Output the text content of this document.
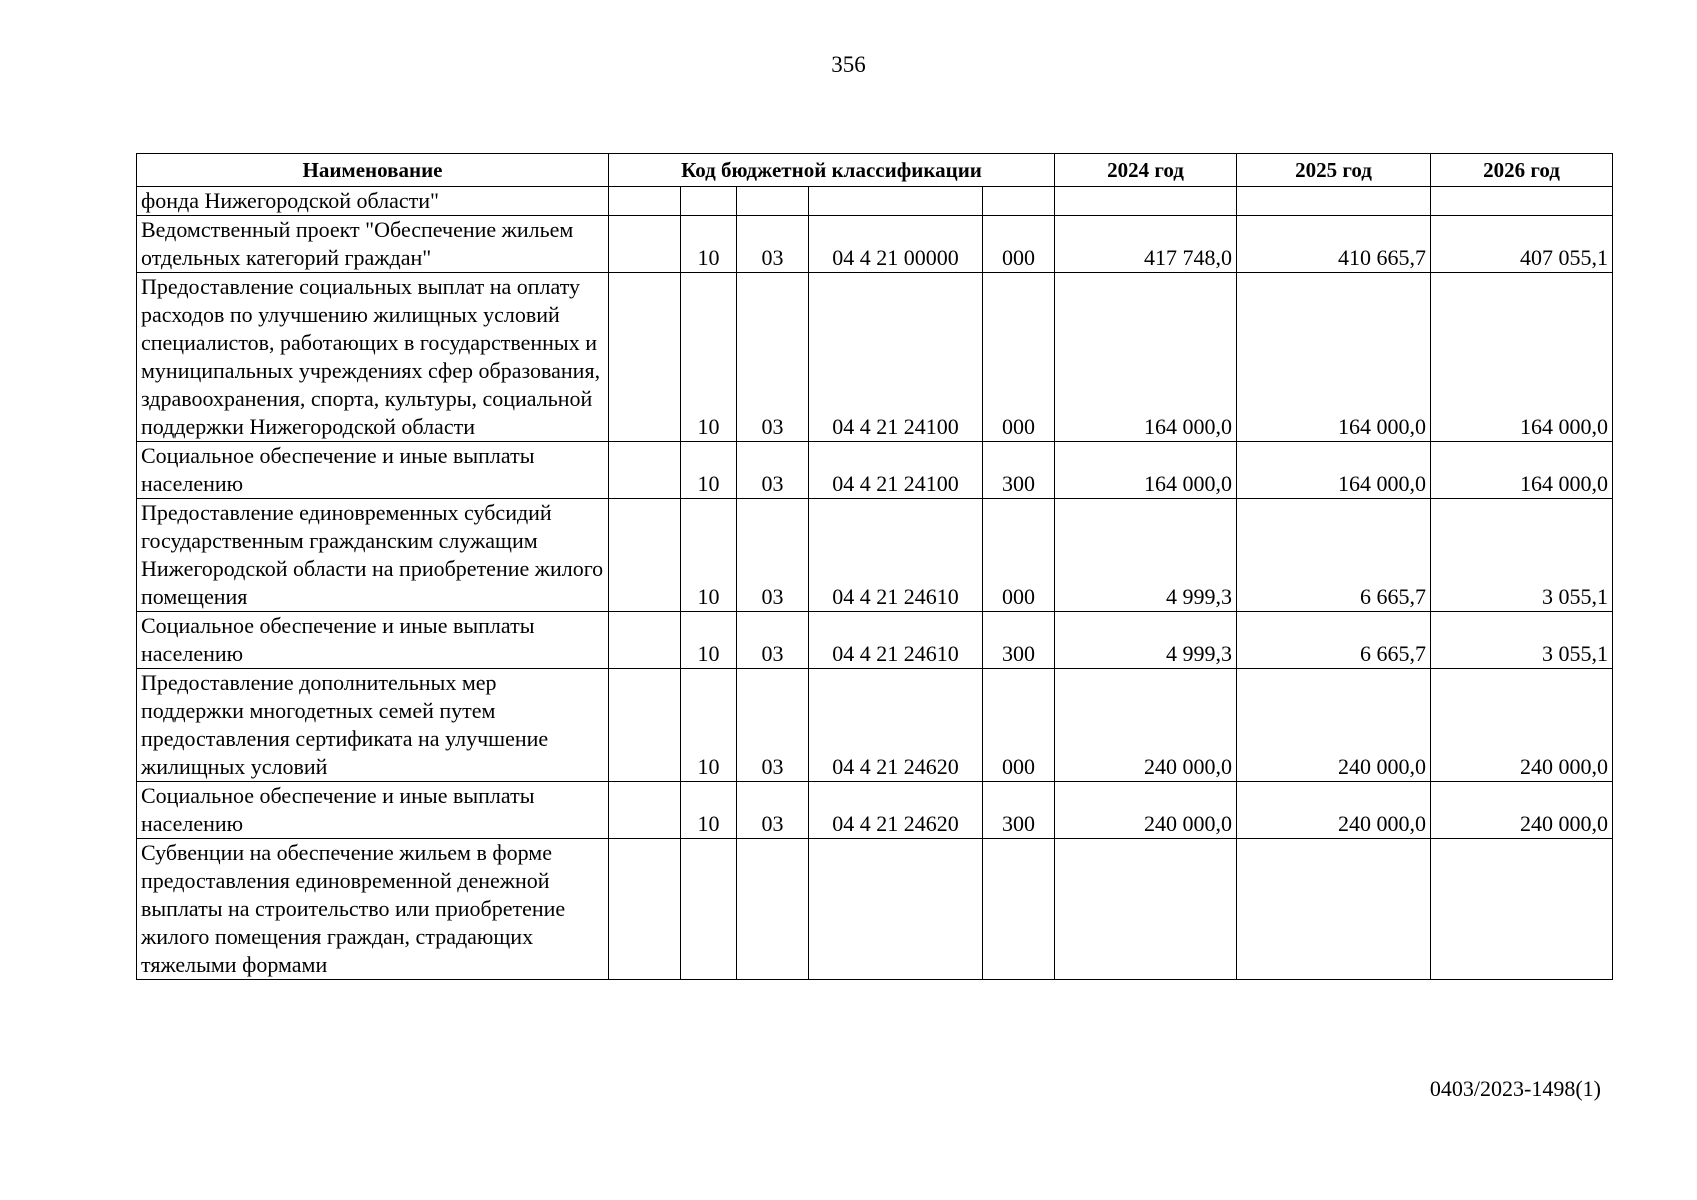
356
Наименование	Код бюджетной классификации					2024 год	2025 год	2026 год
фонда Нижегородской области"								
Ведомственный проект "Обеспечение жильем отдельных категорий граждан"		10	03	04 4 21 00000	000	417 748,0	410 665,7	407 055,1
Предоставление социальных выплат на оплату расходов по улучшению жилищных условий специалистов, работающих в государственных и муниципальных учреждениях сфер образования, здравоохранения, спорта, культуры, социальной поддержки Нижегородской области		10	03	04 4 21 24100	000	164 000,0	164 000,0	164 000,0
Социальное обеспечение и иные выплаты населению		10	03	04 4 21 24100	300	164 000,0	164 000,0	164 000,0
Предоставление единовременных субсидий государственным гражданским служащим Нижегородской области на приобретение жилого помещения		10	03	04 4 21 24610	000	4 999,3	6 665,7	3 055,1
Социальное обеспечение и иные выплаты населению		10	03	04 4 21 24610	300	4 999,3	6 665,7	3 055,1
Предоставление дополнительных мер поддержки многодетных семей путем предоставления сертификата на улучшение жилищных условий		10	03	04 4 21 24620	000	240 000,0	240 000,0	240 000,0
Социальное обеспечение и иные выплаты населению		10	03	04 4 21 24620	300	240 000,0	240 000,0	240 000,0
Субвенции на обеспечение жильем в форме предоставления единовременной денежной выплаты на строительство или приобретение жилого помещения граждан, страдающих тяжелыми формами								
0403/2023-1498(1)
